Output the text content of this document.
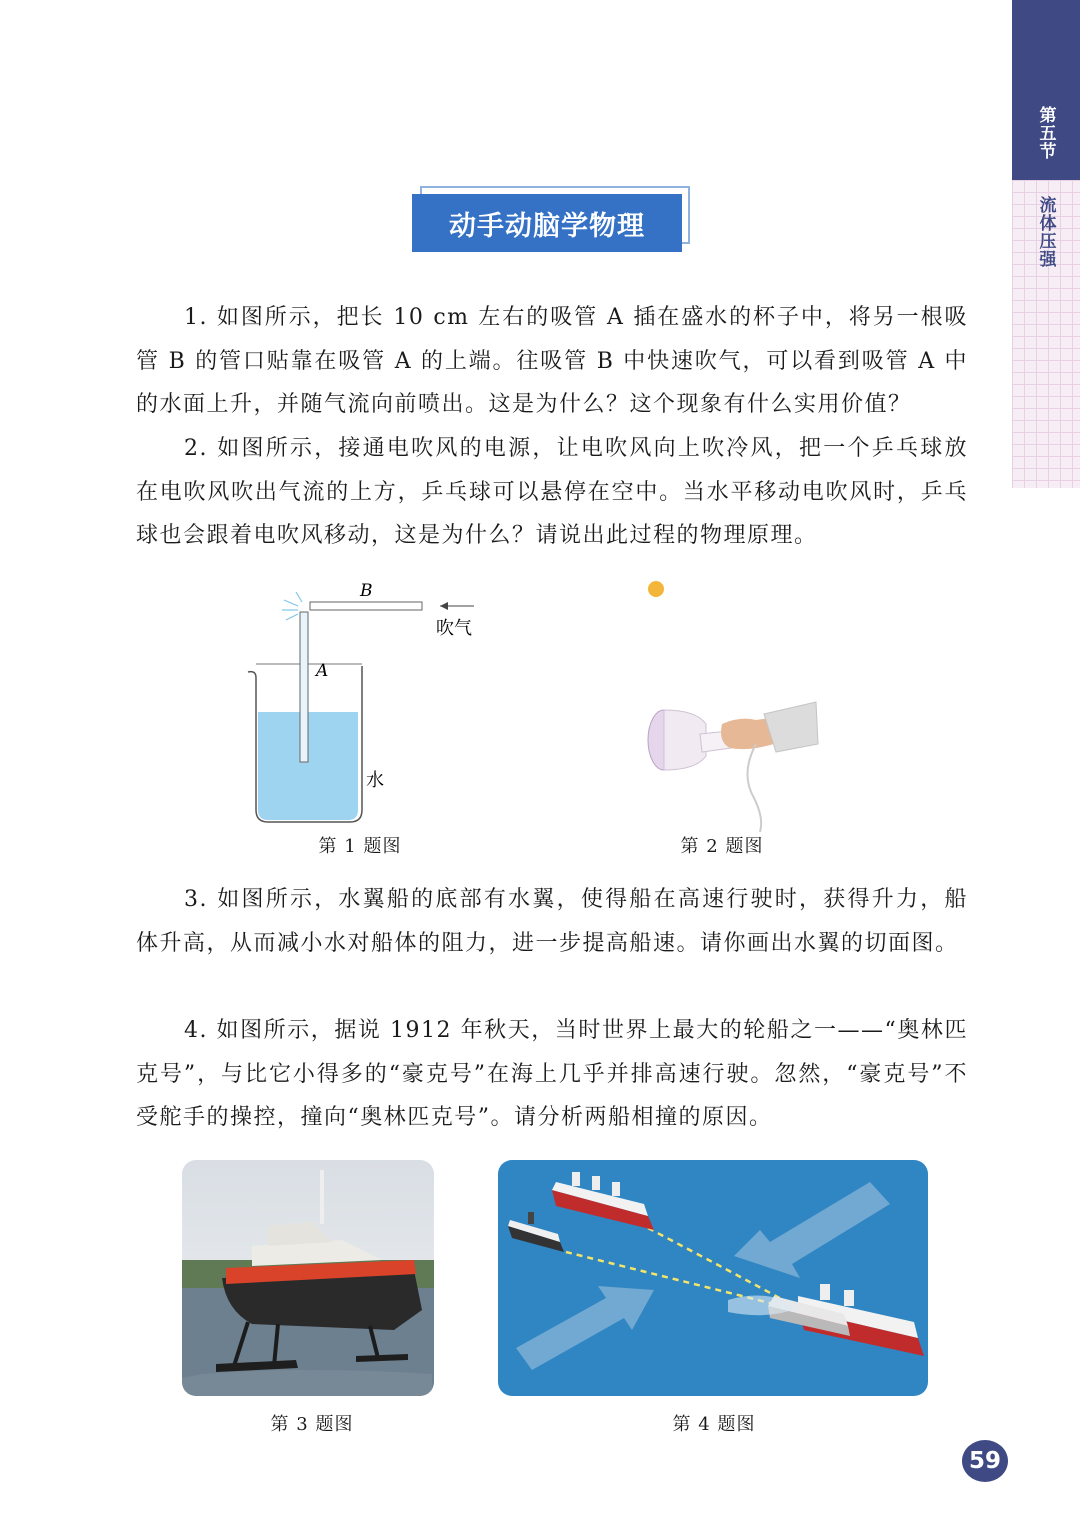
第五节
流体压强
动手动脑学物理

1. 如图所示，把长 10 cm 左右的吸管 A 插在盛水的杯子中，将另一根吸管 B 的管口贴靠在吸管 A 的上端。往吸管 B 中快速吹气，可以看到吸管 A 中的水面上升，并随气流向前喷出。这是为什么？这个现象有什么实用价值？

2. 如图所示，接通电吹风的电源，让电吹风向上吹冷风，把一个乒乓球放在电吹风吹出气流的上方，乒乓球可以悬停在空中。当水平移动电吹风时，乒乓球也会跟着电吹风移动，这是为什么？请说出此过程的物理原理。

B
A
吹气
水
第 1 题图	第 2 题图

3. 如图所示，水翼船的底部有水翼，使得船在高速行驶时，获得升力，船体升高，从而减小水对船体的阻力，进一步提高船速。请你画出水翼的切面图。

4. 如图所示，据说 1912 年秋天，当时世界上最大的轮船之一——“奥林匹克号”，与比它小得多的“豪克号”在海上几乎并排高速行驶。忽然，“豪克号”不受舵手的操控，撞向“奥林匹克号”。请分析两船相撞的原因。

第 3 题图	第 4 题图
59
